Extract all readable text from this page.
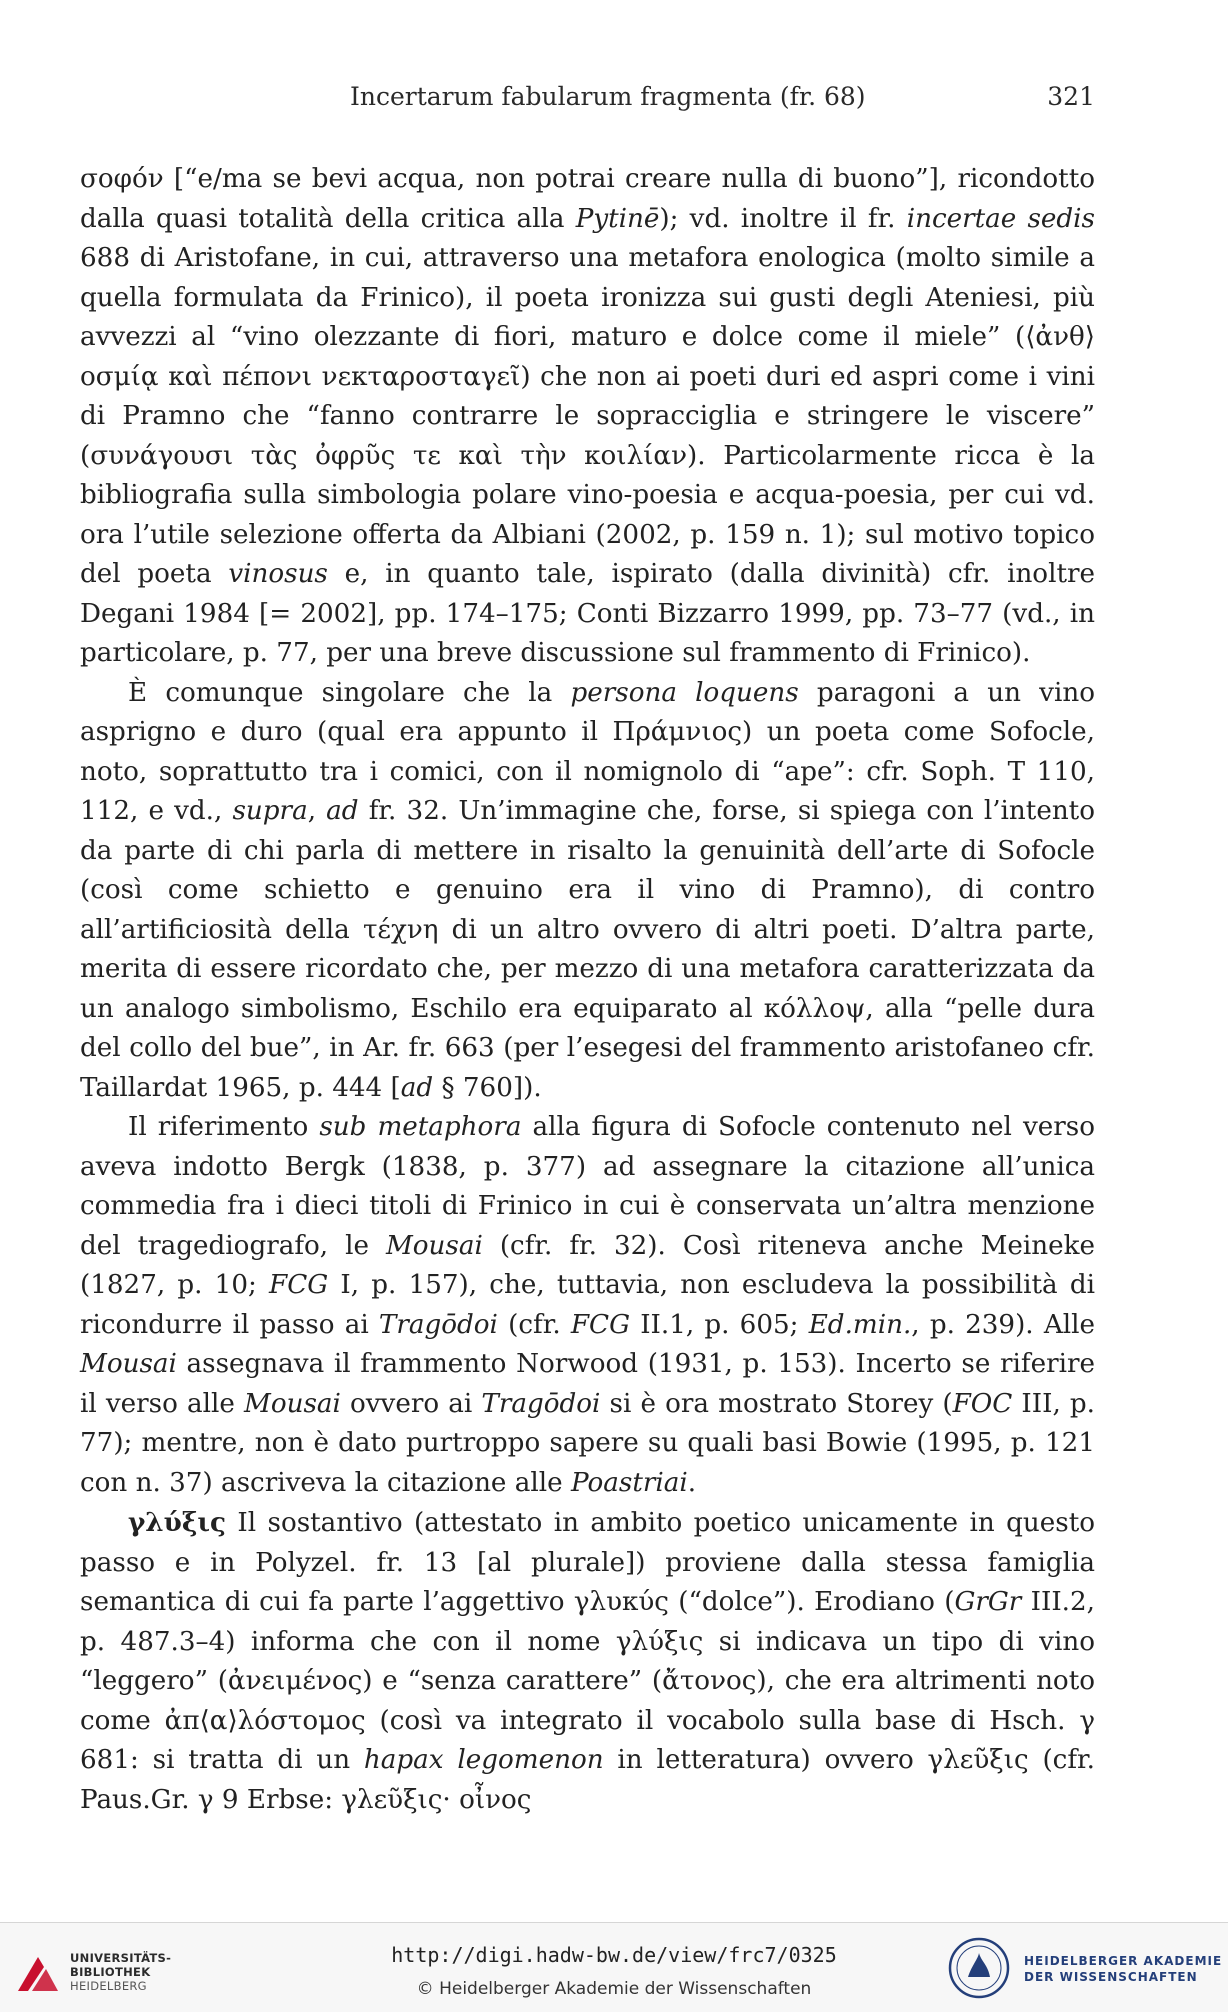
Incertarum fabularum fragmenta (fr. 68)	321

σοφόν [“e/ma se bevi acqua, non potrai creare nulla di buono”], ricondotto dalla quasi totalità della critica alla Pytinē); vd. inoltre il fr. incertae sedis 688 di Aristofane, in cui, attraverso una metafora enologica (molto simile a quella formulata da Frinico), il poeta ironizza sui gusti degli Ateniesi, più avvezzi al “vino olezzante di fiori, maturo e dolce come il miele” (⟨ἀνθ⟩οσμίᾳ καὶ πέπονι νεκταροσταγεῖ) che non ai poeti duri ed aspri come i vini di Pramno che “fanno contrarre le sopracciglia e stringere le viscere” (συνάγουσι τὰς ὀφρῦς τε καὶ τὴν κοιλίαν). Particolarmente ricca è la bibliografia sulla simbologia polare vino-poesia e acqua-poesia, per cui vd. ora l’utile selezione offerta da Albiani (2002, p. 159 n. 1); sul motivo topico del poeta vinosus e, in quanto tale, ispirato (dalla divinità) cfr. inoltre Degani 1984 [= 2002], pp. 174–175; Conti Bizzarro 1999, pp. 73–77 (vd., in particolare, p. 77, per una breve discussione sul frammento di Frinico).

È comunque singolare che la persona loquens paragoni a un vino asprigno e duro (qual era appunto il Πράμνιος) un poeta come Sofocle, noto, soprattutto tra i comici, con il nomignolo di “ape”: cfr. Soph. T 110, 112, e vd., supra, ad fr. 32. Un’immagine che, forse, si spiega con l’intento da parte di chi parla di mettere in risalto la genuinità dell’arte di Sofocle (così come schietto e genuino era il vino di Pramno), di contro all’artificiosità della τέχνη di un altro ovvero di altri poeti. D’altra parte, merita di essere ricordato che, per mezzo di una metafora caratterizzata da un analogo simbolismo, Eschilo era equiparato al κόλλοψ, alla “pelle dura del collo del bue”, in Ar. fr. 663 (per l’esegesi del frammento aristofaneo cfr. Taillardat 1965, p. 444 [ad § 760]).

Il riferimento sub metaphora alla figura di Sofocle contenuto nel verso aveva indotto Bergk (1838, p. 377) ad assegnare la citazione all’unica commedia fra i dieci titoli di Frinico in cui è conservata un’altra menzione del tragediografo, le Mousai (cfr. fr. 32). Così riteneva anche Meineke (1827, p. 10; FCG I, p. 157), che, tuttavia, non escludeva la possibilità di ricondurre il passo ai Tragōdoi (cfr. FCG II.1, p. 605; Ed.min., p. 239). Alle Mousai assegnava il frammento Norwood (1931, p. 153). Incerto se riferire il verso alle Mousai ovvero ai Tragōdoi si è ora mostrato Storey (FOC III, p. 77); mentre, non è dato purtroppo sapere su quali basi Bowie (1995, p. 121 con n. 37) ascriveva la citazione alle Poastriai.

γλύξις Il sostantivo (attestato in ambito poetico unicamente in questo passo e in Polyzel. fr. 13 [al plurale]) proviene dalla stessa famiglia semantica di cui fa parte l’aggettivo γλυκύς (“dolce”). Erodiano (GrGr III.2, p. 487.3–4) informa che con il nome γλύξις si indicava un tipo di vino “leggero” (ἀνειμένος) e “senza carattere” (ἄτονος), che era altrimenti noto come ἀπ⟨α⟩λόστομος (così va integrato il vocabolo sulla base di Hsch. γ 681: si tratta di un hapax legomenon in letteratura) ovvero γλεῦξις (cfr. Paus.Gr. γ 9 Erbse: γλεῦξις· οἶνος

UNIVERSITÄTS-
BIBLIOTHEK
HEIDELBERG
http://digi.hadw-bw.de/view/frc7/0325
© Heidelberger Akademie der Wissenschaften
HEIDELBERGER AKADEMIE
DER WISSENSCHAFTEN
